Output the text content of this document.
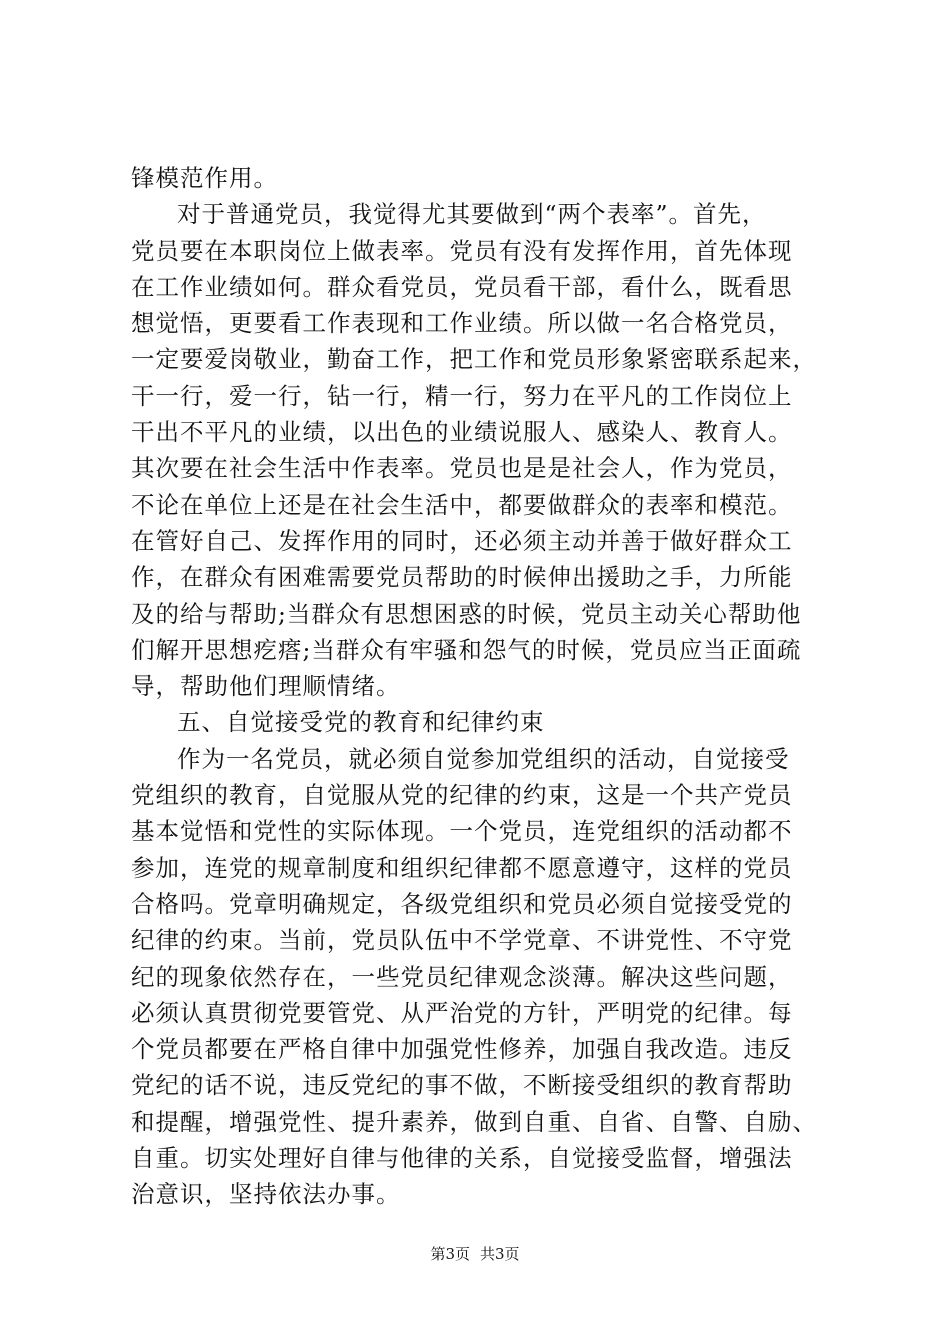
锋模范作用。
对于普通党员，我觉得尤其要做到“两个表率”。首先，
党员要在本职岗位上做表率。党员有没有发挥作用，首先体现
在工作业绩如何。群众看党员，党员看干部，看什么，既看思
想觉悟，更要看工作表现和工作业绩。所以做一名合格党员，
一定要爱岗敬业，勤奋工作，把工作和党员形象紧密联系起来，
干一行，爱一行，钻一行，精一行，努力在平凡的工作岗位上
干出不平凡的业绩，以出色的业绩说服人、感染人、教育人。
其次要在社会生活中作表率。党员也是是社会人，作为党员，
不论在单位上还是在社会生活中，都要做群众的表率和模范。
在管好自己、发挥作用的同时，还必须主动并善于做好群众工
作，在群众有困难需要党员帮助的时候伸出援助之手，力所能
及的给与帮助;当群众有思想困惑的时候，党员主动关心帮助他
们解开思想疙瘩;当群众有牢骚和怨气的时候，党员应当正面疏
导，帮助他们理顺情绪。
五、自觉接受党的教育和纪律约束
作为一名党员，就必须自觉参加党组织的活动，自觉接受
党组织的教育，自觉服从党的纪律的约束，这是一个共产党员
基本觉悟和党性的实际体现。一个党员，连党组织的活动都不
参加，连党的规章制度和组织纪律都不愿意遵守，这样的党员
合格吗。党章明确规定，各级党组织和党员必须自觉接受党的
纪律的约束。当前，党员队伍中不学党章、不讲党性、不守党
纪的现象依然存在，一些党员纪律观念淡薄。解决这些问题，
必须认真贯彻党要管党、从严治党的方针，严明党的纪律。每
个党员都要在严格自律中加强党性修养，加强自我改造。违反
党纪的话不说，违反党纪的事不做，不断接受组织的教育帮助
和提醒，增强党性、提升素养，做到自重、自省、自警、自励、
自重。切实处理好自律与他律的关系，自觉接受监督，增强法
治意识，坚持依法办事。
第3页 共3页
